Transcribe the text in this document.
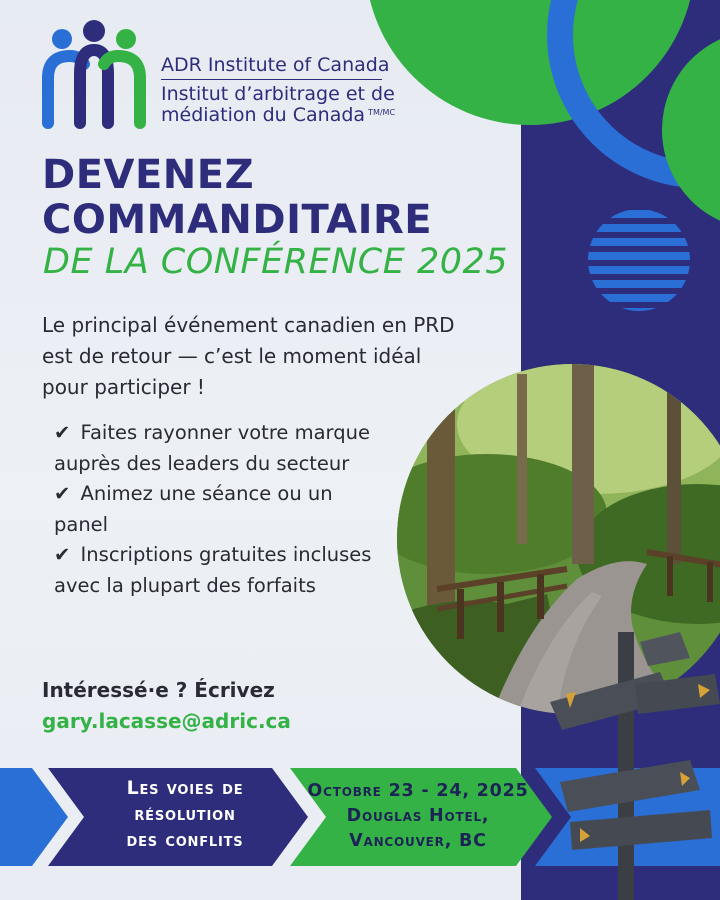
ADR Institute of Canada
Institut d’arbitrage et de
médiation du Canada $^{TM/MC}$
DEVENEZ
COMMANDITAIRE
DE LA CONFÉRENCE 2025
Le principal événement canadien en PRD est de retour — c’est le moment idéal pour participer !
✔ Faites rayonner votre marque auprès des leaders du secteur
✔ Animez une séance ou un panel
✔ Inscriptions gratuites incluses avec la plupart des forfaits
Intéressé·e ? Écrivez
gary.lacasse@adric.ca
Les voies de
résolution
des conflits
Octobre 23 - 24, 2025
Douglas Hotel,
Vancouver, BC
